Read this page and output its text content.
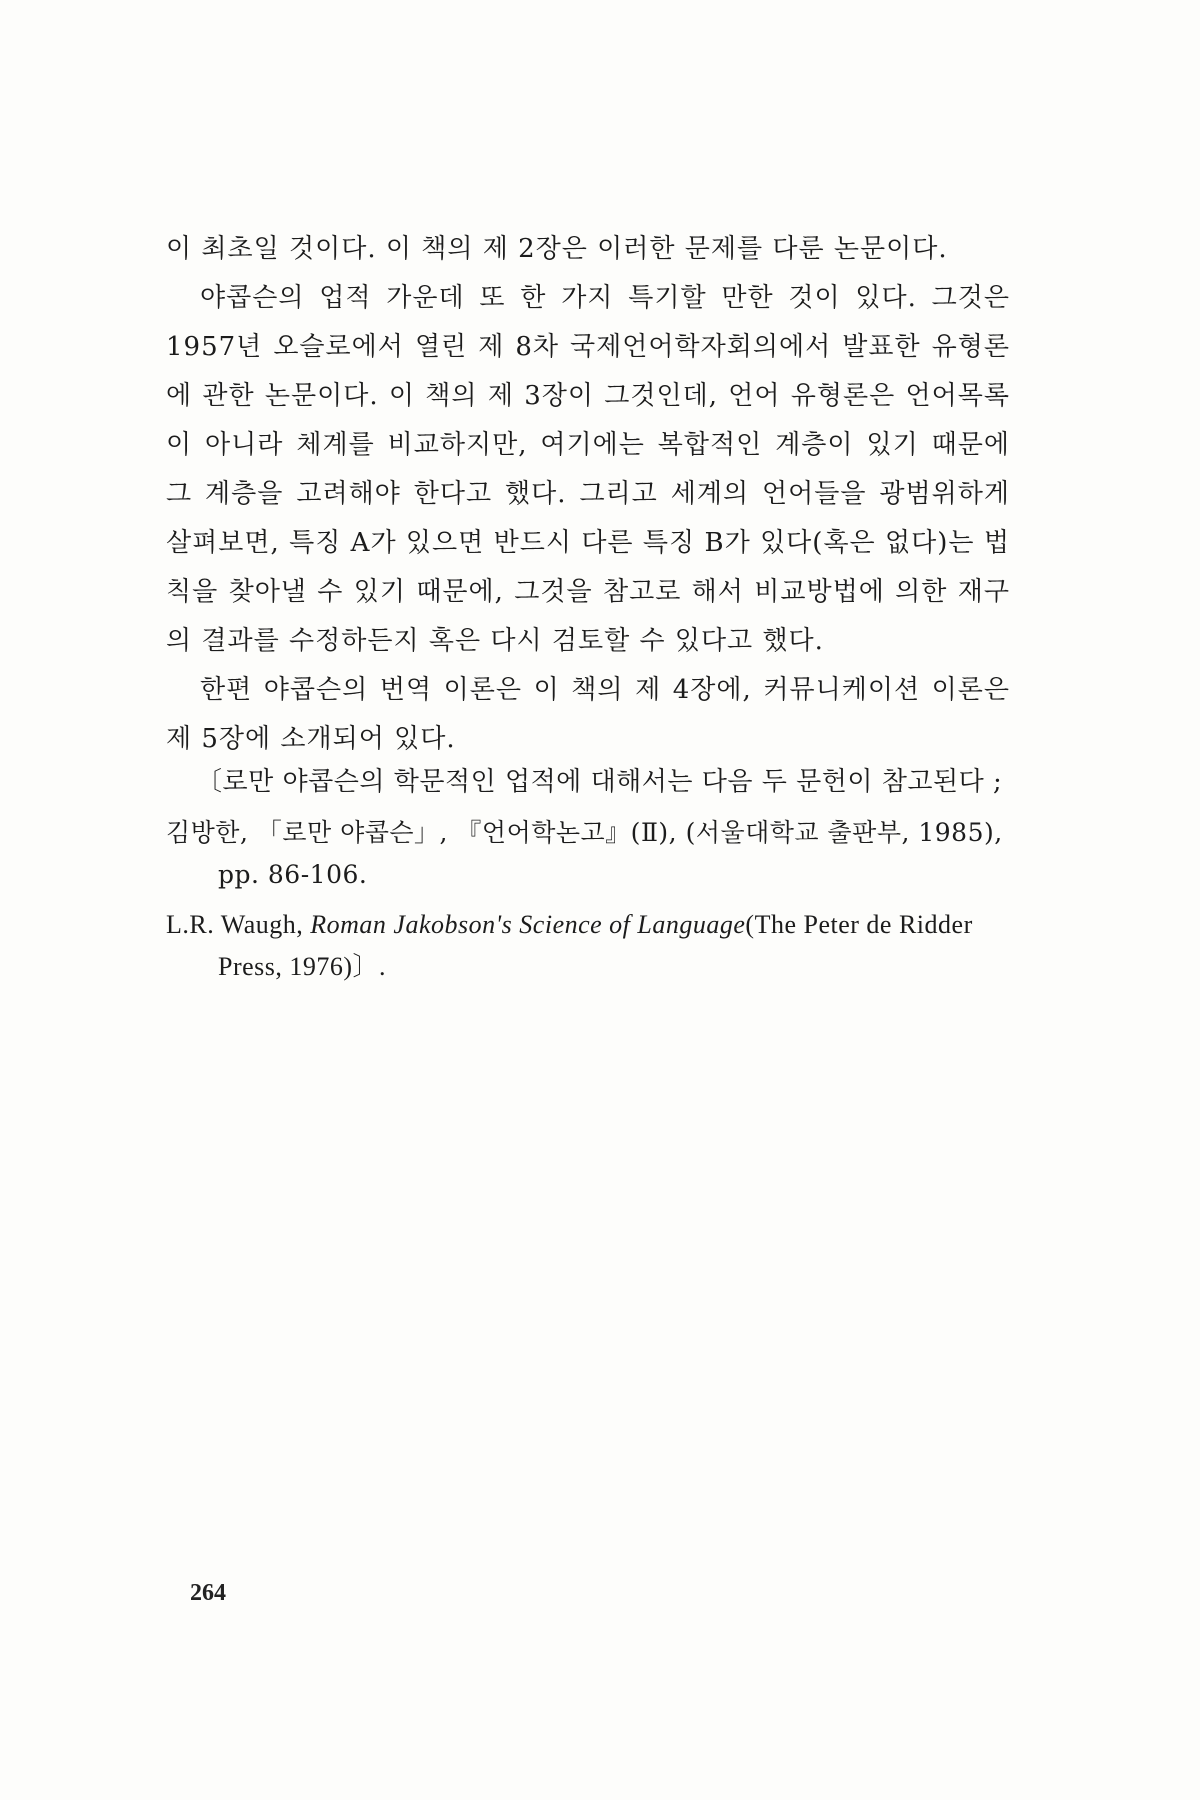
이 최초일 것이다. 이 책의 제 2장은 이러한 문제를 다룬 논문이다.

야콥슨의 업적 가운데 또 한 가지 특기할 만한 것이 있다. 그것은 1957년 오슬로에서 열린 제 8차 국제언어학자회의에서 발표한 유형론에 관한 논문이다. 이 책의 제 3장이 그것인데, 언어 유형론은 언어목록이 아니라 체계를 비교하지만, 여기에는 복합적인 계층이 있기 때문에 그 계층을 고려해야 한다고 했다. 그리고 세계의 언어들을 광범위하게 살펴보면, 특징 A가 있으면 반드시 다른 특징 B가 있다(혹은 없다)는 법칙을 찾아낼 수 있기 때문에, 그것을 참고로 해서 비교방법에 의한 재구의 결과를 수정하든지 혹은 다시 검토할 수 있다고 했다.

한편 야콥슨의 번역 이론은 이 책의 제 4장에, 커뮤니케이션 이론은 제 5장에 소개되어 있다.

〔로만 야콥슨의 학문적인 업적에 대해서는 다음 두 문헌이 참고된다 ;

김방한, 「로만 야콥슨」, 『언어학논고』(Ⅱ), (서울대학교 출판부, 1985), pp. 86-106.

L.R. Waugh, Roman Jakobson's Science of Language(The Peter de Ridder Press, 1976)〕.

264
